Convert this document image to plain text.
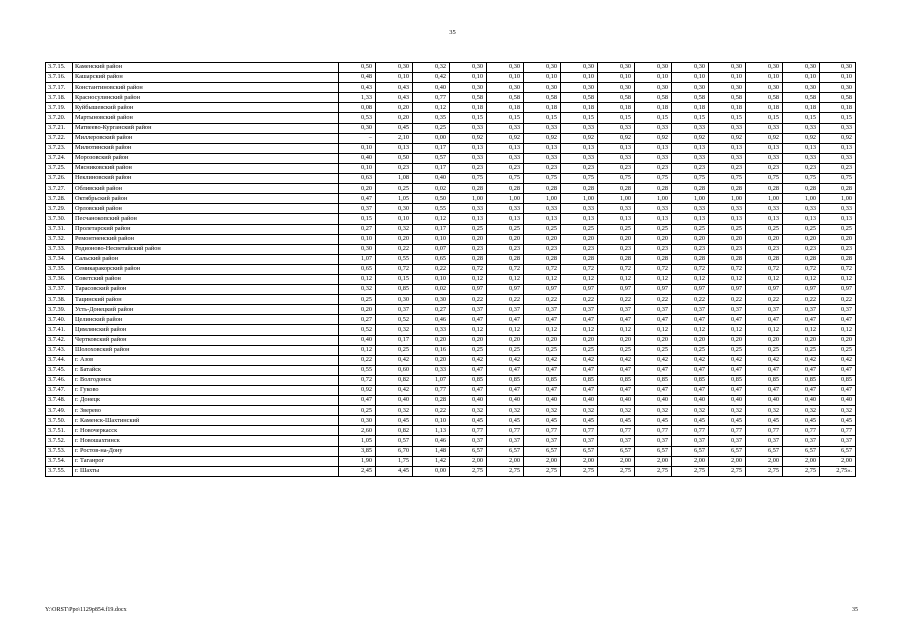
35
3.7.15.	Каменский район	0,50	0,30	0,32	0,30	0,30	0,30	0,30	0,30	0,30	0,30	0,30	0,30	0,30	0,30
3.7.16.	Кашарский район	0,48	0,10	0,42	0,10	0,10	0,10	0,10	0,10	0,10	0,10	0,10	0,10	0,10	0,10
3.7.17.	Константиновский район	0,43	0,43	0,40	0,30	0,30	0,30	0,30	0,30	0,30	0,30	0,30	0,30	0,30	0,30
3.7.18.	Красносулинский район	1,33	0,43	0,77	0,58	0,58	0,58	0,58	0,58	0,58	0,58	0,58	0,58	0,58	0,58
3.7.19.	Куйбышевский район	0,08	0,20	0,12	0,18	0,18	0,18	0,18	0,18	0,18	0,18	0,18	0,18	0,18	0,18
3.7.20.	Мартыновский район	0,53	0,20	0,35	0,15	0,15	0,15	0,15	0,15	0,15	0,15	0,15	0,15	0,15	0,15
3.7.21.	Матвеево-Курганский район	0,30	0,45	0,25	0,33	0,33	0,33	0,33	0,33	0,33	0,33	0,33	0,33	0,33	0,33
3.7.22.	Миллеровский район	–	2,10	0,00	0,92	0,92	0,92	0,92	0,92	0,92	0,92	0,92	0,92	0,92	0,92
3.7.23.	Милютинский район	0,10	0,13	0,17	0,13	0,13	0,13	0,13	0,13	0,13	0,13	0,13	0,13	0,13	0,13
3.7.24.	Морозовский район	0,40	0,50	0,57	0,33	0,33	0,33	0,33	0,33	0,33	0,33	0,33	0,33	0,33	0,33
3.7.25.	Мясниковский район	0,10	0,23	0,17	0,23	0,23	0,23	0,23	0,23	0,23	0,23	0,23	0,23	0,23	0,23
3.7.26.	Неклиновский район	0,63	1,08	0,40	0,75	0,75	0,75	0,75	0,75	0,75	0,75	0,75	0,75	0,75	0,75
3.7.27.	Обливский район	0,20	0,25	0,02	0,28	0,28	0,28	0,28	0,28	0,28	0,28	0,28	0,28	0,28	0,28
3.7.28.	Октябрьский район	0,47	1,05	0,50	1,00	1,00	1,00	1,00	1,00	1,00	1,00	1,00	1,00	1,00	1,00
3.7.29.	Орловский район	0,37	0,30	0,55	0,33	0,33	0,33	0,33	0,33	0,33	0,33	0,33	0,33	0,33	0,33
3.7.30.	Песчанокопский район	0,15	0,10	0,12	0,13	0,13	0,13	0,13	0,13	0,13	0,13	0,13	0,13	0,13	0,13
3.7.31.	Пролетарский район	0,27	0,32	0,17	0,25	0,25	0,25	0,25	0,25	0,25	0,25	0,25	0,25	0,25	0,25
3.7.32.	Ремонтненский район	0,10	0,20	0,10	0,20	0,20	0,20	0,20	0,20	0,20	0,20	0,20	0,20	0,20	0,20
3.7.33.	Родионово-Несветайский район	0,30	0,22	0,07	0,23	0,23	0,23	0,23	0,23	0,23	0,23	0,23	0,23	0,23	0,23
3.7.34.	Сальский район	1,07	0,55	0,65	0,28	0,28	0,28	0,28	0,28	0,28	0,28	0,28	0,28	0,28	0,28
3.7.35.	Семикаракорский район	0,65	0,72	0,22	0,72	0,72	0,72	0,72	0,72	0,72	0,72	0,72	0,72	0,72	0,72
3.7.36.	Советский район	0,12	0,15	0,10	0,12	0,12	0,12	0,12	0,12	0,12	0,12	0,12	0,12	0,12	0,12
3.7.37.	Тарасовский район	0,32	0,85	0,02	0,97	0,97	0,97	0,97	0,97	0,97	0,97	0,97	0,97	0,97	0,97
3.7.38.	Тацинский район	0,25	0,30	0,30	0,22	0,22	0,22	0,22	0,22	0,22	0,22	0,22	0,22	0,22	0,22
3.7.39.	Усть-Донецкий район	0,20	0,37	0,27	0,37	0,37	0,37	0,37	0,37	0,37	0,37	0,37	0,37	0,37	0,37
3.7.40.	Целинский район	0,27	0,52	0,46	0,47	0,47	0,47	0,47	0,47	0,47	0,47	0,47	0,47	0,47	0,47
3.7.41.	Цимлянский район	0,52	0,32	0,33	0,12	0,12	0,12	0,12	0,12	0,12	0,12	0,12	0,12	0,12	0,12
3.7.42.	Чертковский район	0,40	0,17	0,20	0,20	0,20	0,20	0,20	0,20	0,20	0,20	0,20	0,20	0,20	0,20
3.7.43.	Шолоховский район	0,12	0,25	0,16	0,25	0,25	0,25	0,25	0,25	0,25	0,25	0,25	0,25	0,25	0,25
3.7.44.	г. Азов	0,22	0,42	0,20	0,42	0,42	0,42	0,42	0,42	0,42	0,42	0,42	0,42	0,42	0,42
3.7.45.	г. Батайск	0,55	0,60	0,33	0,47	0,47	0,47	0,47	0,47	0,47	0,47	0,47	0,47	0,47	0,47
3.7.46.	г. Волгодонск	0,72	0,82	1,07	0,85	0,85	0,85	0,85	0,85	0,85	0,85	0,85	0,85	0,85	0,85
3.7.47.	г. Гуково	0,92	0,42	0,77	0,47	0,47	0,47	0,47	0,47	0,47	0,47	0,47	0,47	0,47	0,47
3.7.48.	г. Донецк	0,47	0,40	0,28	0,40	0,40	0,40	0,40	0,40	0,40	0,40	0,40	0,40	0,40	0,40
3.7.49.	г. Зверево	0,25	0,32	0,22	0,32	0,32	0,32	0,32	0,32	0,32	0,32	0,32	0,32	0,32	0,32
3.7.50.	г. Каменск-Шахтинский	0,30	0,45	0,10	0,45	0,45	0,45	0,45	0,45	0,45	0,45	0,45	0,45	0,45	0,45
3.7.51.	г. Новочеркасск	2,60	0,82	1,13	0,77	0,77	0,77	0,77	0,77	0,77	0,77	0,77	0,77	0,77	0,77
3.7.52.	г. Новошахтинск	1,05	0,57	0,46	0,37	0,37	0,37	0,37	0,37	0,37	0,37	0,37	0,37	0,37	0,37
3.7.53.	г. Ростов-на-Дону	3,85	6,70	1,48	6,57	6,57	6,57	6,57	6,57	6,57	6,57	6,57	6,57	6,57	6,57
3.7.54.	г. Таганрог	1,90	1,75	1,42	2,00	2,00	2,00	2,00	2,00	2,00	2,00	2,00	2,00	2,00	2,00
3.7.55.	г. Шахты	2,45	4,45	0,00	2,75	2,75	2,75	2,75	2,75	2,75	2,75	2,75	2,75	2,75	2,75».
Y:\ORST\Ppo\1129p854.f19.docx	35
